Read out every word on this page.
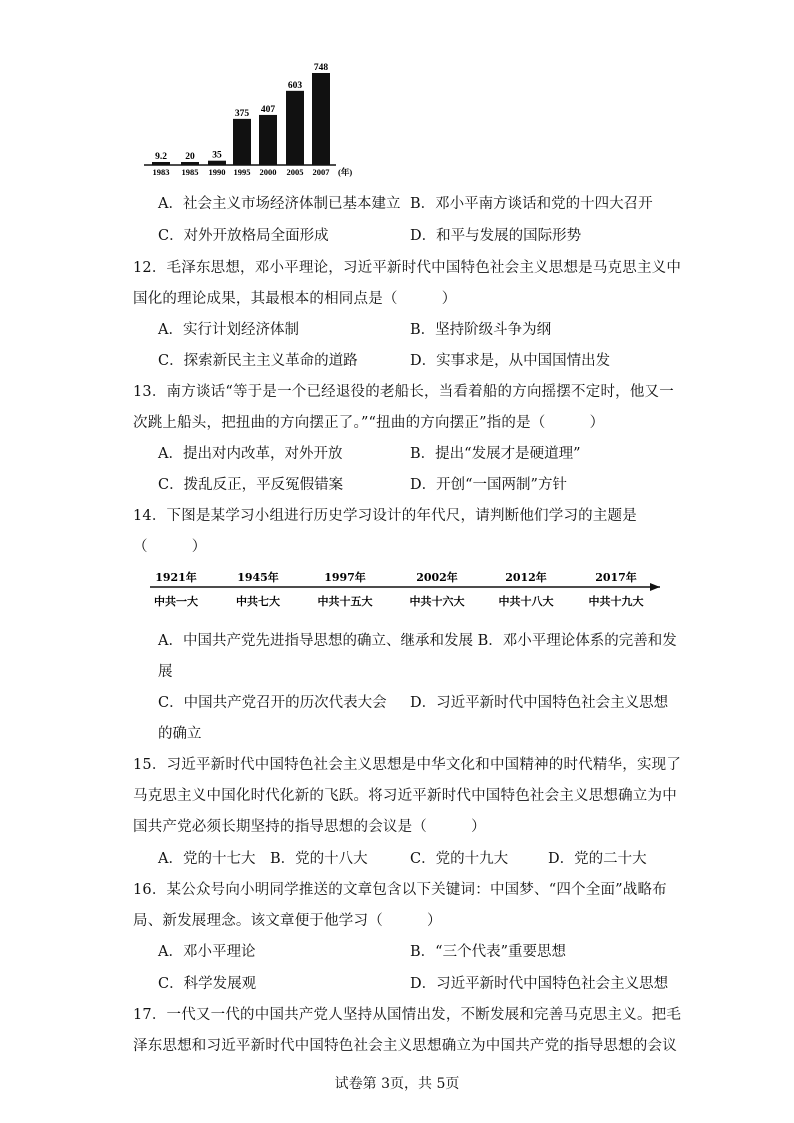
9.2
1983
20
1985
35
1990
375
1995
407
2000
603
2005
748
2007 (年)
A．社会主义市场经济体制已基本建立 B．邓小平南方谈话和党的十四大召开
C．对外开放格局全面形成	D．和平与发展的国际形势
12．毛泽东思想，邓小平理论，习近平新时代中国特色社会主义思想是马克思主义中
国化的理论成果，其最根本的相同点是（　　　）
A．实行计划经济体制	B．坚持阶级斗争为纲
C．探索新民主主义革命的道路	D．实事求是，从中国国情出发
13．南方谈话“等于是一个已经退役的老船长，当看着船的方向摇摆不定时，他又一
次跳上船头，把扭曲的方向摆正了。”“扭曲的方向摆正”指的是（　　　）
A．提出对内改革，对外开放	B．提出“发展才是硬道理”
C．拨乱反正，平反冤假错案	D．开创“一国两制”方针
14．下图是某学习小组进行历史学习设计的年代尺，请判断他们学习的主题是
（　　　）
1921年
中共一大
1945年
中共七大
1997年
中共十五大
2002年
中共十六大
2012年
中共十八大
2017年
中共十九大
A．中国共产党先进指导思想的确立、继承和发展 B．邓小平理论体系的完善和发
展
C．中国共产党召开的历次代表大会 D．习近平新时代中国特色社会主义思想
的确立
15．习近平新时代中国特色社会主义思想是中华文化和中国精神的时代精华，实现了
马克思主义中国化时代化新的飞跃。将习近平新时代中国特色社会主义思想确立为中
国共产党必须长期坚持的指导思想的会议是（　　　）
A．党的十七大 B．党的十八大	C．党的十九大	D．党的二十大
16．某公众号向小明同学推送的文章包含以下关键词：中国梦、“四个全面”战略布
局、新发展理念。该文章便于他学习（　　　）
A．邓小平理论	B．“三个代表”重要思想
C．科学发展观	D．习近平新时代中国特色社会主义思想
17．一代又一代的中国共产党人坚持从国情出发，不断发展和完善马克思主义。把毛
泽东思想和习近平新时代中国特色社会主义思想确立为中国共产党的指导思想的会议
试卷第 3页，共 5页
